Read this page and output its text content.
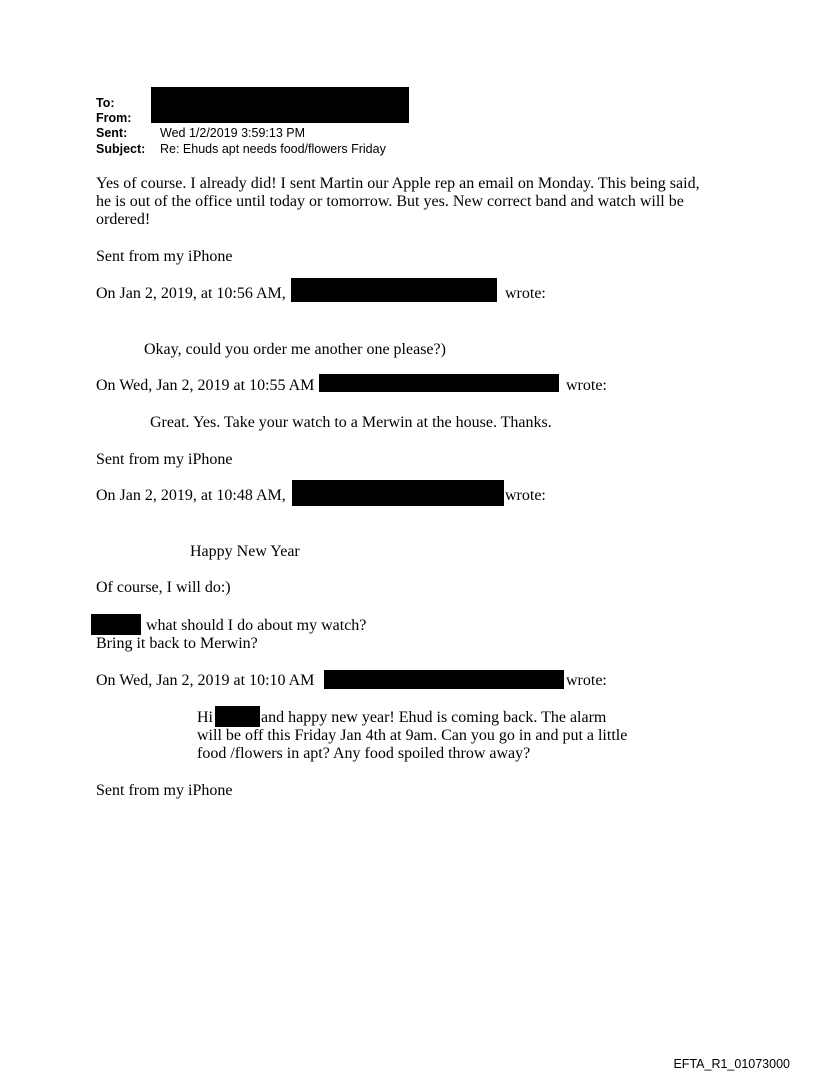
To:
From:
Sent:	Wed 1/2/2019 3:59:13 PM
Subject: Re: Ehuds apt needs food/flowers Friday
Yes of course. I already did! I sent Martin our Apple rep an email on Monday. This being said,
he is out of the office until today or tomorrow. But yes. New correct band and watch will be
ordered!
Sent from my iPhone
On Jan 2, 2019, at 10:56 AM,	wrote:
Okay, could you order me another one please?)
On Wed, Jan 2, 2019 at 10:55 AM	wrote:
Great. Yes. Take your watch to a Merwin at the house. Thanks.
Sent from my iPhone
On Jan 2, 2019, at 10:48 AM,	wrote:
Happy New Year
Of course, I will do:)
what should I do about my watch?
Bring it back to Merwin?
On Wed, Jan 2, 2019 at 10:10 AM	wrote:
Hi	and happy new year! Ehud is coming back. The alarm
will be off this Friday Jan 4th at 9am. Can you go in and put a little
food /flowers in apt? Any food spoiled throw away?
Sent from my iPhone
EFTA_R1_01073000
